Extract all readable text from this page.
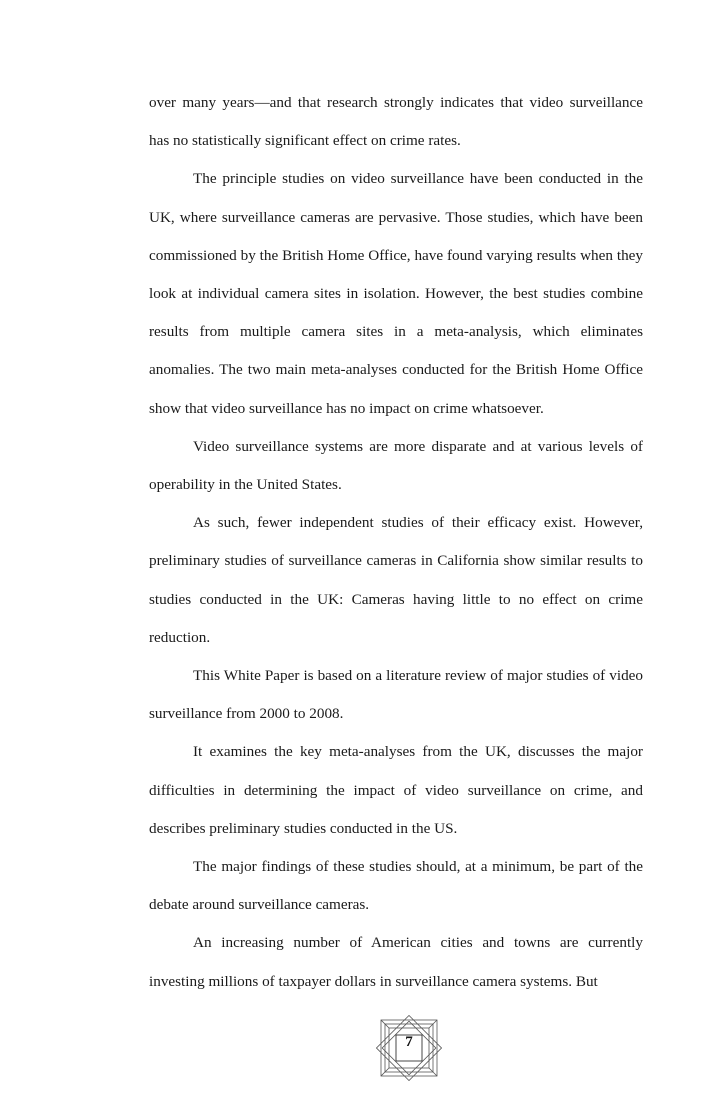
over many years—and that research strongly indicates that video surveillance has no statistically significant effect on crime rates.

The principle studies on video surveillance have been conducted in the UK, where surveillance cameras are pervasive. Those studies, which have been commissioned by the British Home Office, have found varying results when they look at individual camera sites in isolation. However, the best studies combine results from multiple camera sites in a meta-analysis, which eliminates anomalies. The two main meta-analyses conducted for the British Home Office show that video surveillance has no impact on crime whatsoever.

Video surveillance systems are more disparate and at various levels of operability in the United States.

As such, fewer independent studies of their efficacy exist. However, preliminary studies of surveillance cameras in California show similar results to studies conducted in the UK: Cameras having little to no effect on crime reduction.

This White Paper is based on a literature review of major studies of video surveillance from 2000 to 2008.

It examines the key meta-analyses from the UK, discusses the major difficulties in determining the impact of video surveillance on crime, and describes preliminary studies conducted in the US.

The major findings of these studies should, at a minimum, be part of the debate around surveillance cameras.

An increasing number of American cities and towns are currently investing millions of taxpayer dollars in surveillance camera systems. But

7
